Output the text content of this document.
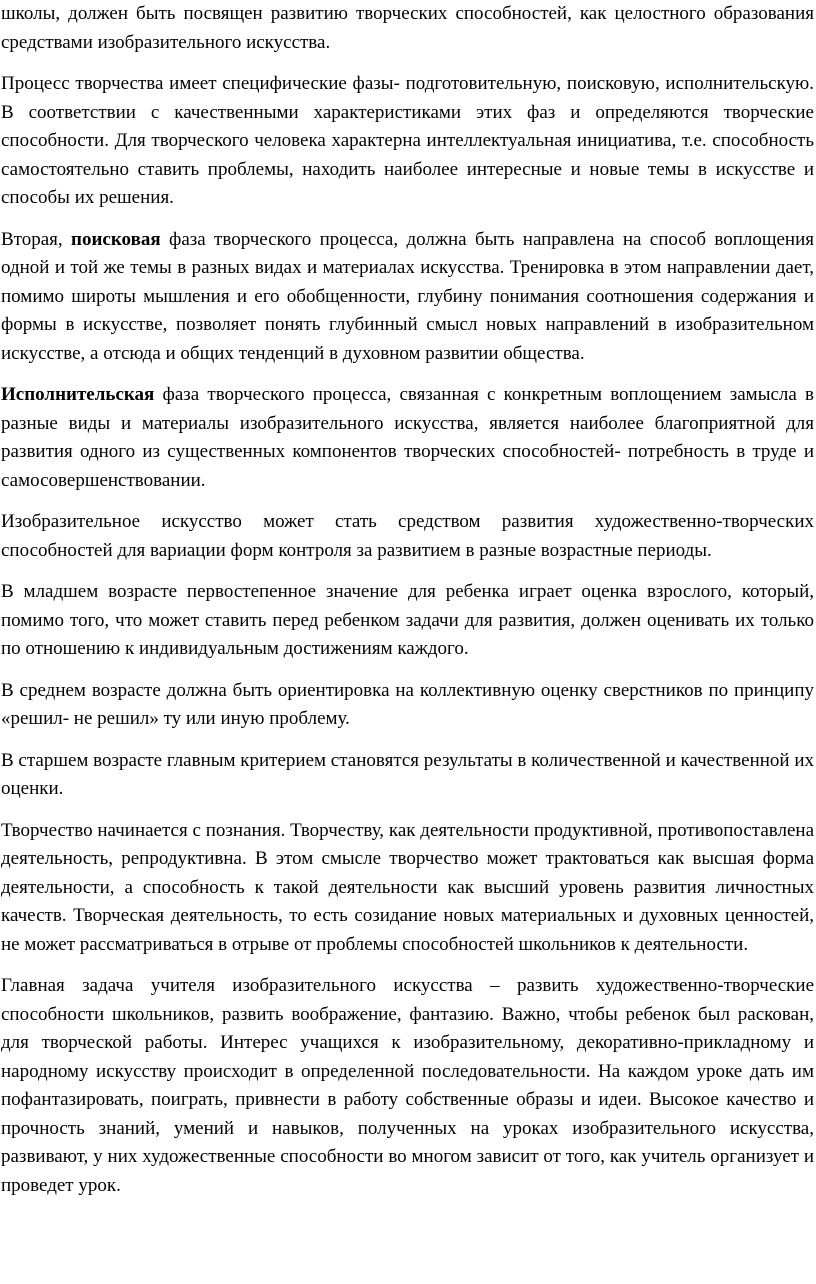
школы, должен быть посвящен развитию творческих способностей, как целостного образования средствами изобразительного искусства.

Процесс творчества имеет специфические фазы- подготовительную, поисковую, исполнительскую. В соответствии с качественными характеристиками этих фаз и определяются творческие способности. Для творческого человека характерна интеллектуальная инициатива, т.е. способность самостоятельно ставить проблемы, находить наиболее интересные и новые темы в искусстве и способы их решения.

Вторая, поисковая фаза творческого процесса, должна быть направлена на способ воплощения одной и той же темы в разных видах и материалах искусства. Тренировка в этом направлении дает, помимо широты мышления и его обобщенности, глубину понимания соотношения содержания и формы в искусстве, позволяет понять глубинный смысл новых направлений в изобразительном искусстве, а отсюда и общих тенденций в духовном развитии общества.

Исполнительская фаза творческого процесса, связанная с конкретным воплощением замысла в разные виды и материалы изобразительного искусства, является наиболее благоприятной для развития одного из существенных компонентов творческих способностей- потребность в труде и самосовершенствовании.

Изобразительное искусство может стать средством развития художественно-творческих способностей для вариации форм контроля за развитием в разные возрастные периоды.

В младшем возрасте первостепенное значение для ребенка играет оценка взрослого, который, помимо того, что может ставить перед ребенком задачи для развития, должен оценивать их только по отношению к индивидуальным достижениям каждого.

В среднем возрасте должна быть ориентировка на коллективную оценку сверстников по принципу «решил- не решил» ту или иную проблему.

В старшем возрасте главным критерием становятся результаты в количественной и качественной их оценки.

Творчество начинается с познания. Творчеству, как деятельности продуктивной, противопоставлена деятельность, репродуктивна. В этом смысле творчество может трактоваться как высшая форма деятельности, а способность к такой деятельности как высший уровень развития личностных качеств. Творческая деятельность, то есть созидание новых материальных и духовных ценностей, не может рассматриваться в отрыве от проблемы способностей школьников к деятельности.

Главная задача учителя изобразительного искусства – развить художественно-творческие способности школьников, развить воображение, фантазию. Важно, чтобы ребенок был раскован, для творческой работы. Интерес учащихся к изобразительному, декоративно-прикладному и народному искусству происходит в определенной последовательности. На каждом уроке дать им пофантазировать, поиграть, привнести в работу собственные образы и идеи. Высокое качество и прочность знаний, умений и навыков, полученных на уроках изобразительного искусства, развивают, у них художественные способности во многом зависит от того, как учитель организует и проведет урок.
